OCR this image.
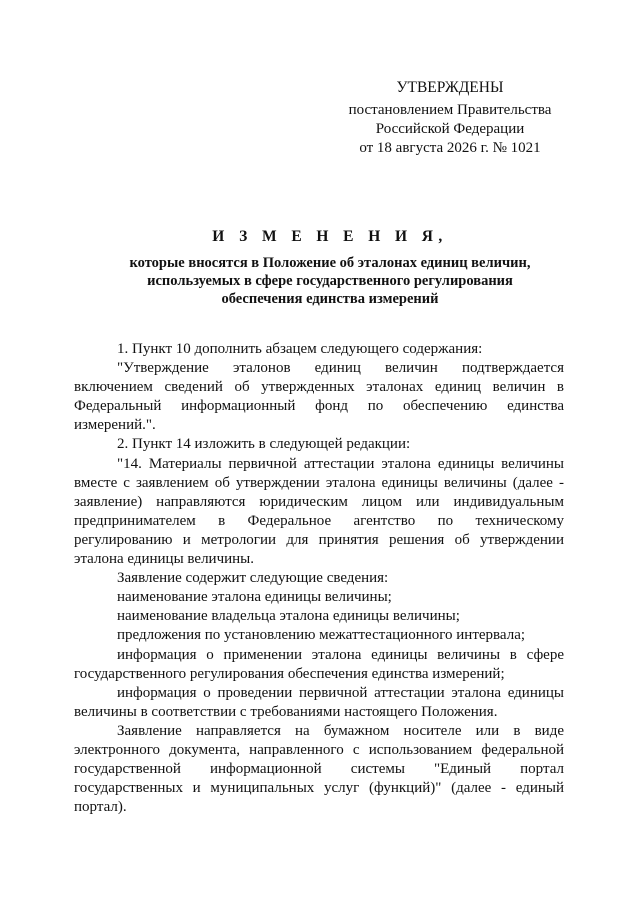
УТВЕРЖДЕНЫ
постановлением Правительства
Российской Федерации
от 18 августа 2026 г. № 1021
И З М Е Н Е Н И Я,
которые вносятся в Положение об эталонах единиц величин,
используемых в сфере государственного регулирования
обеспечения единства измерений

1. Пункт 10 дополнить абзацем следующего содержания:

"Утверждение эталонов единиц величин подтверждается включением сведений об утвержденных эталонах единиц величин в Федеральный информационный фонд по обеспечению единства измерений.".

2. Пункт 14 изложить в следующей редакции:

"14. Материалы первичной аттестации эталона единицы величины вместе с заявлением об утверждении эталона единицы величины (далее - заявление) направляются юридическим лицом или индивидуальным предпринимателем в Федеральное агентство по техническому регулированию и метрологии для принятия решения об утверждении эталона единицы величины.

Заявление содержит следующие сведения:

наименование эталона единицы величины;

наименование владельца эталона единицы величины;

предложения по установлению межаттестационного интервала;

информация о применении эталона единицы величины в сфере государственного регулирования обеспечения единства измерений;

информация о проведении первичной аттестации эталона единицы величины в соответствии с требованиями настоящего Положения.

Заявление направляется на бумажном носителе или в виде электронного документа, направленного с использованием федеральной государственной информационной системы "Единый портал государственных и муниципальных услуг (функций)" (далее - единый портал).
